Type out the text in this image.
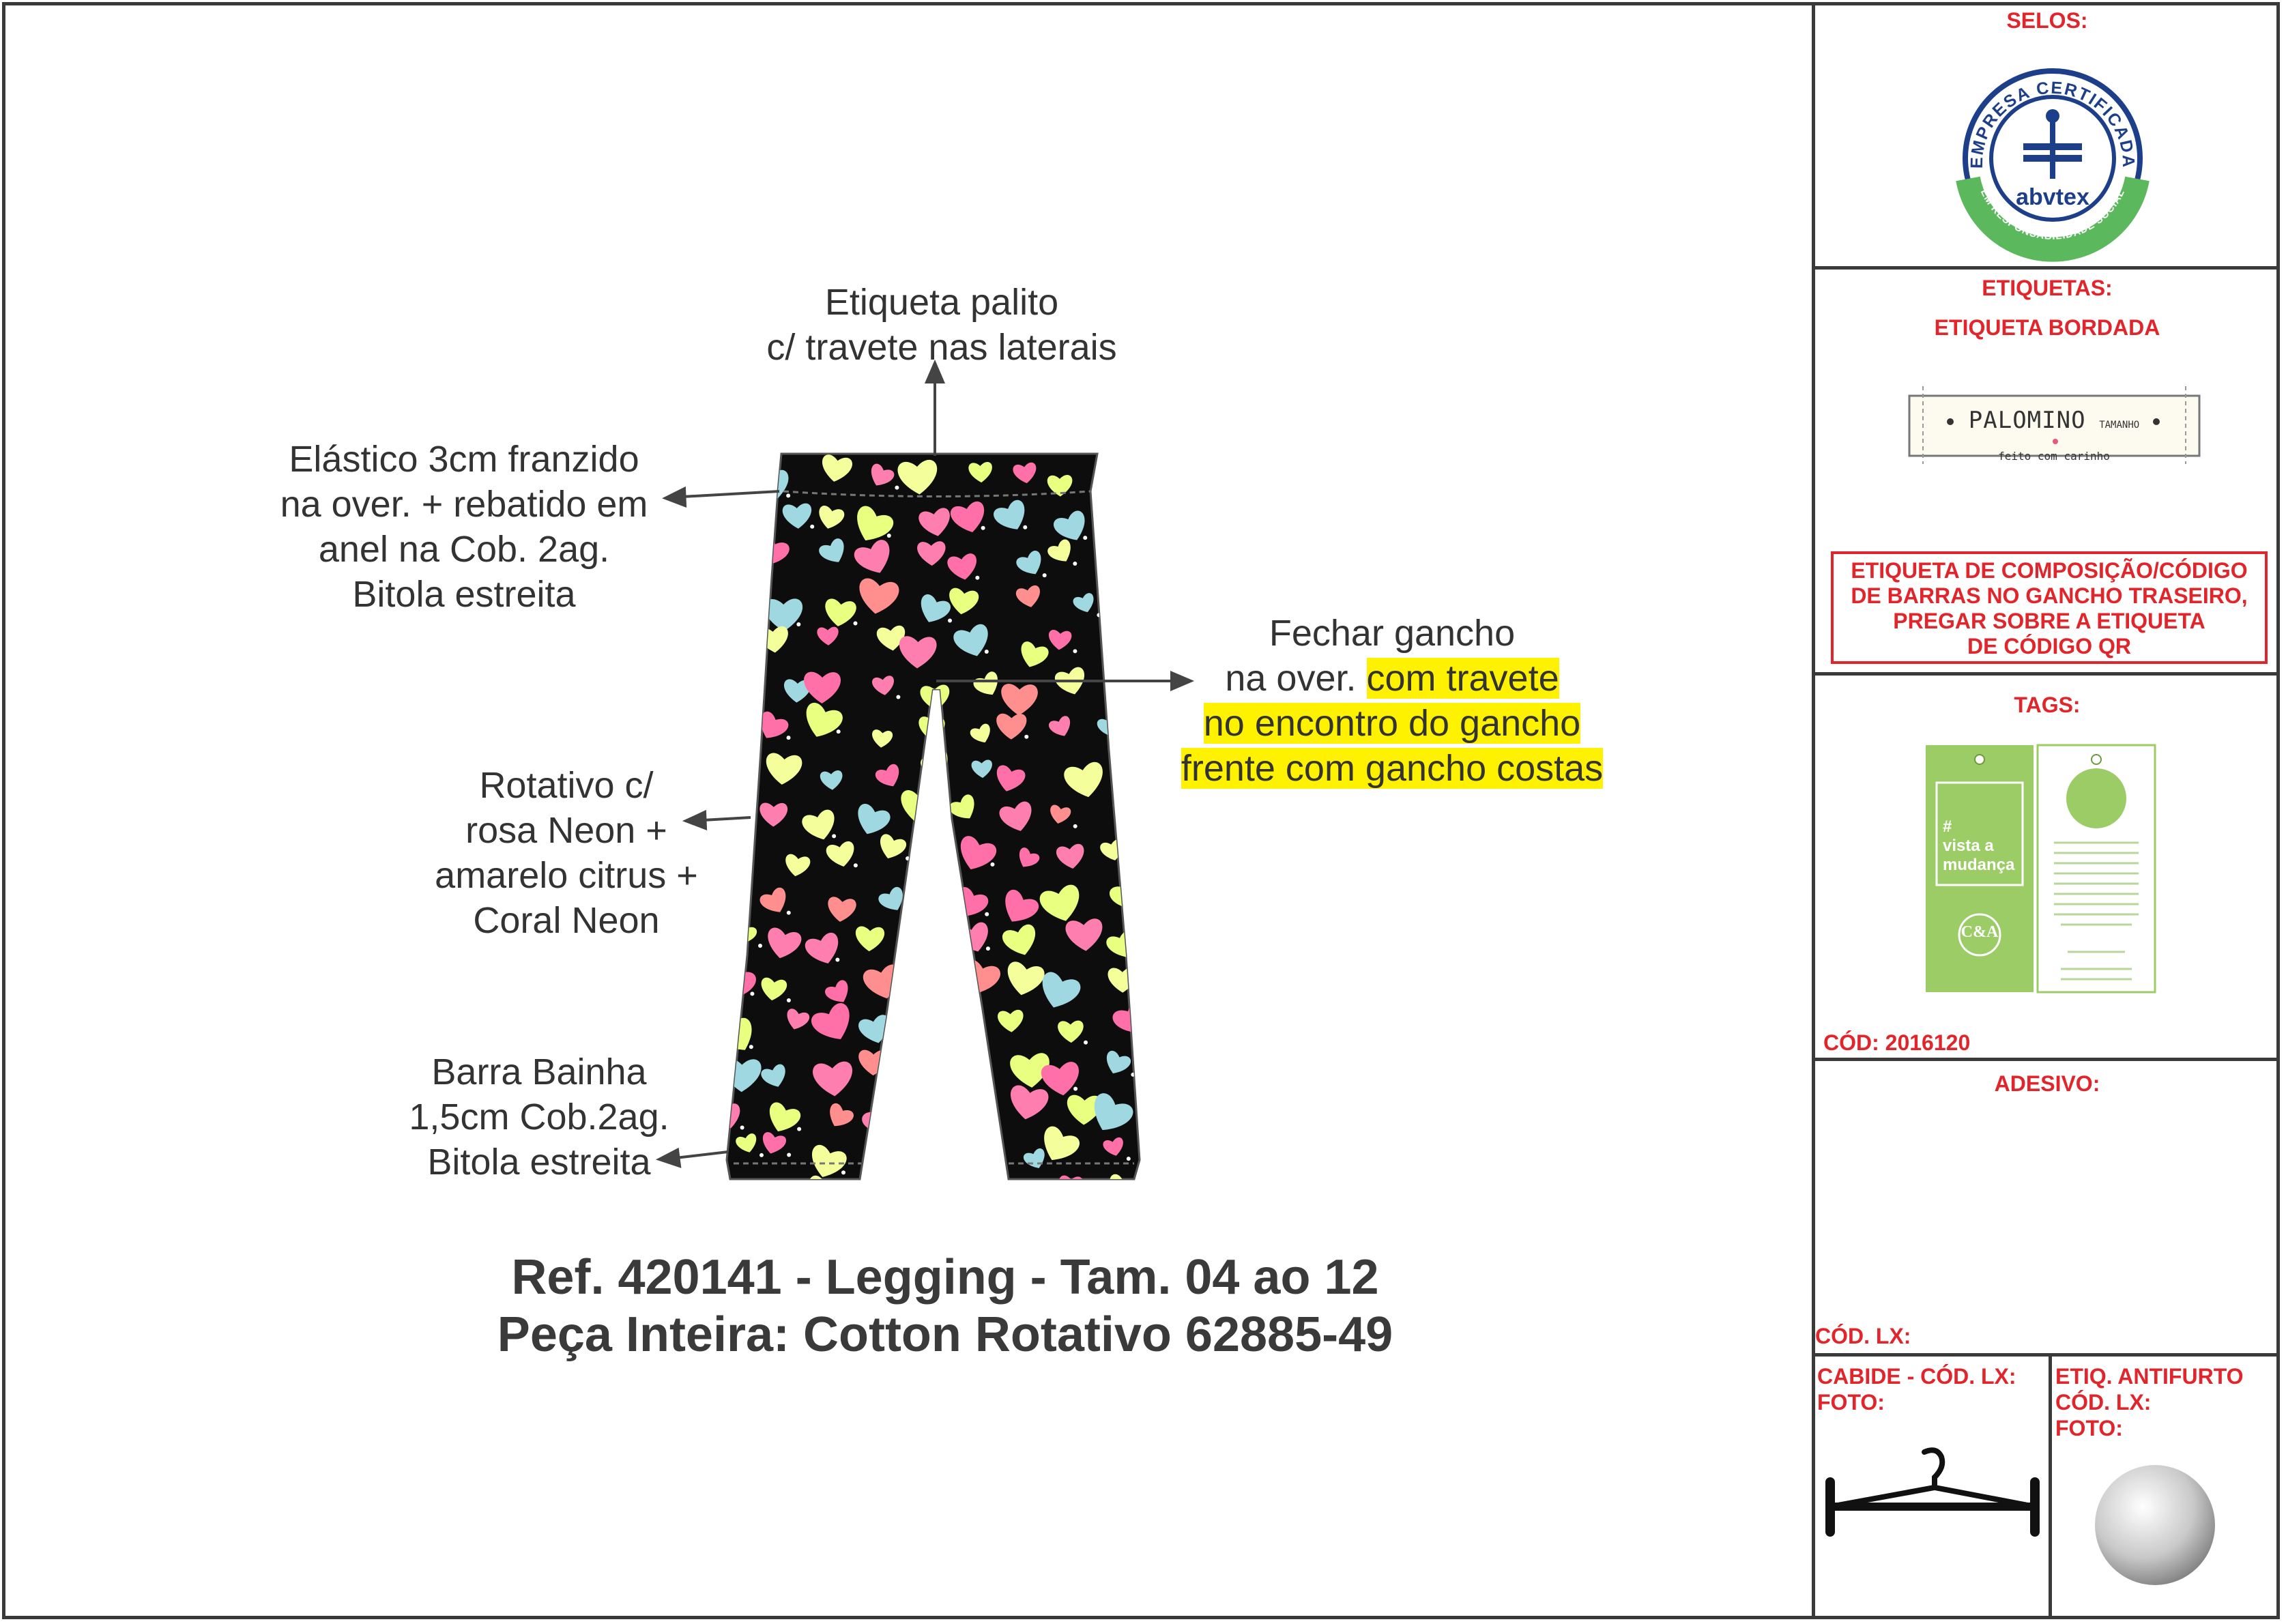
Etiqueta palito
c/ travete nas laterais
Elástico 3cm franzido
na over. + rebatido em
anel na Cob. 2ag.
Bitola estreita
Fechar gancho
na over. com travete
no encontro do gancho
frente com gancho costas
Rotativo c/
rosa Neon +
amarelo citrus +
Coral Neon
Barra Bainha
1,5cm Cob.2ag.
Bitola estreita
Ref. 420141 - Legging - Tam. 04 ao 12
Peça Inteira: Cotton Rotativo 62885-49
SELOS:
EMPRESA CERTIFICADA
EM RESPONSABILIDADE SOCIAL
abvtex
ETIQUETAS:
ETIQUETA BORDADA
PALOMINO TAMANHO
feito com carinho
ETIQUETA DE COMPOSIÇÃO/CÓDIGO
DE BARRAS NO GANCHO TRASEIRO,
PREGAR SOBRE A ETIQUETA
DE CÓDIGO QR
TAGS:
#
vista a
mudança
C&A
CÓD: 2016120
ADESIVO:
CÓD. LX:
CABIDE - CÓD. LX:
FOTO:
ETIQ. ANTIFURTO
CÓD. LX:
FOTO:
